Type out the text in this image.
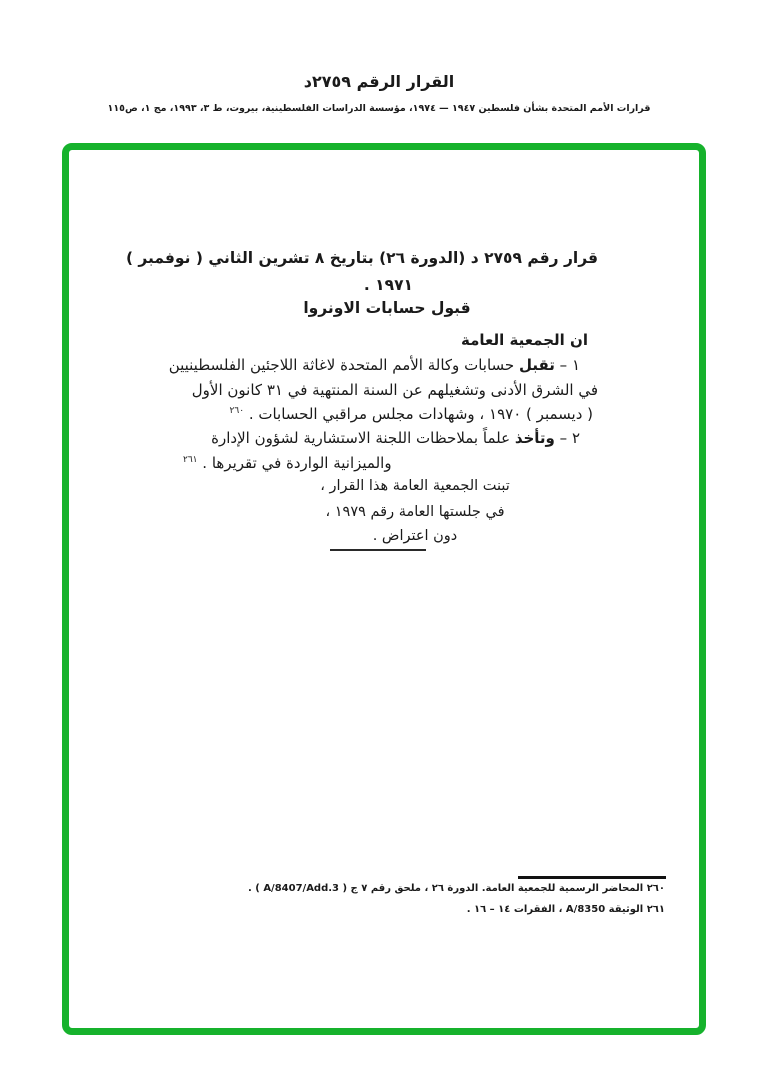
القرار الرقم ٢٧٥٩د
قرارات الأمم المتحدة بشأن فلسطين ١٩٤٧ — ١٩٧٤، مؤسسة الدراسات الفلسطينية، بيروت، ط ٣، ١٩٩٣، مج ١، ص١١٥
قرار رقم ٢٧٥٩ د (الدورة ٢٦) بتاريخ ٨ تشرين الثاني ( نوفمبر )
١٩٧١ .
قبول حسابات الاونروا
ان الجمعية العامة
١ – تقبل حسابات وكالة الأمم المتحدة لاغاثة اللاجئين الفلسطينيين
في الشرق الأدنى وتشغيلهم عن السنة المنتهية في ٣١ كانون الأول
( ديسمبر ) ١٩٧٠ ، وشهادات مجلس مراقبي الحسابات . $^{٢٦٠}$
٢ – وتأخذ علماً بملاحظات اللجنة الاستشارية لشؤون الإدارة
والميزانية الواردة في تقريرها . $^{٢٦١}$
تبنت الجمعية العامة هذا القرار ،
في جلستها العامة رقم ١٩٧٩ ،
دون اعتراض .
٢٦٠ المحاضر الرسمية للجمعية العامة. الدورة ٢٦ ، ملحق رقم ٧ ج ( A/8407/Add.3 ) .
٢٦١ الوثيقة A/8350 ، الفقرات ١٤ – ١٦ .
